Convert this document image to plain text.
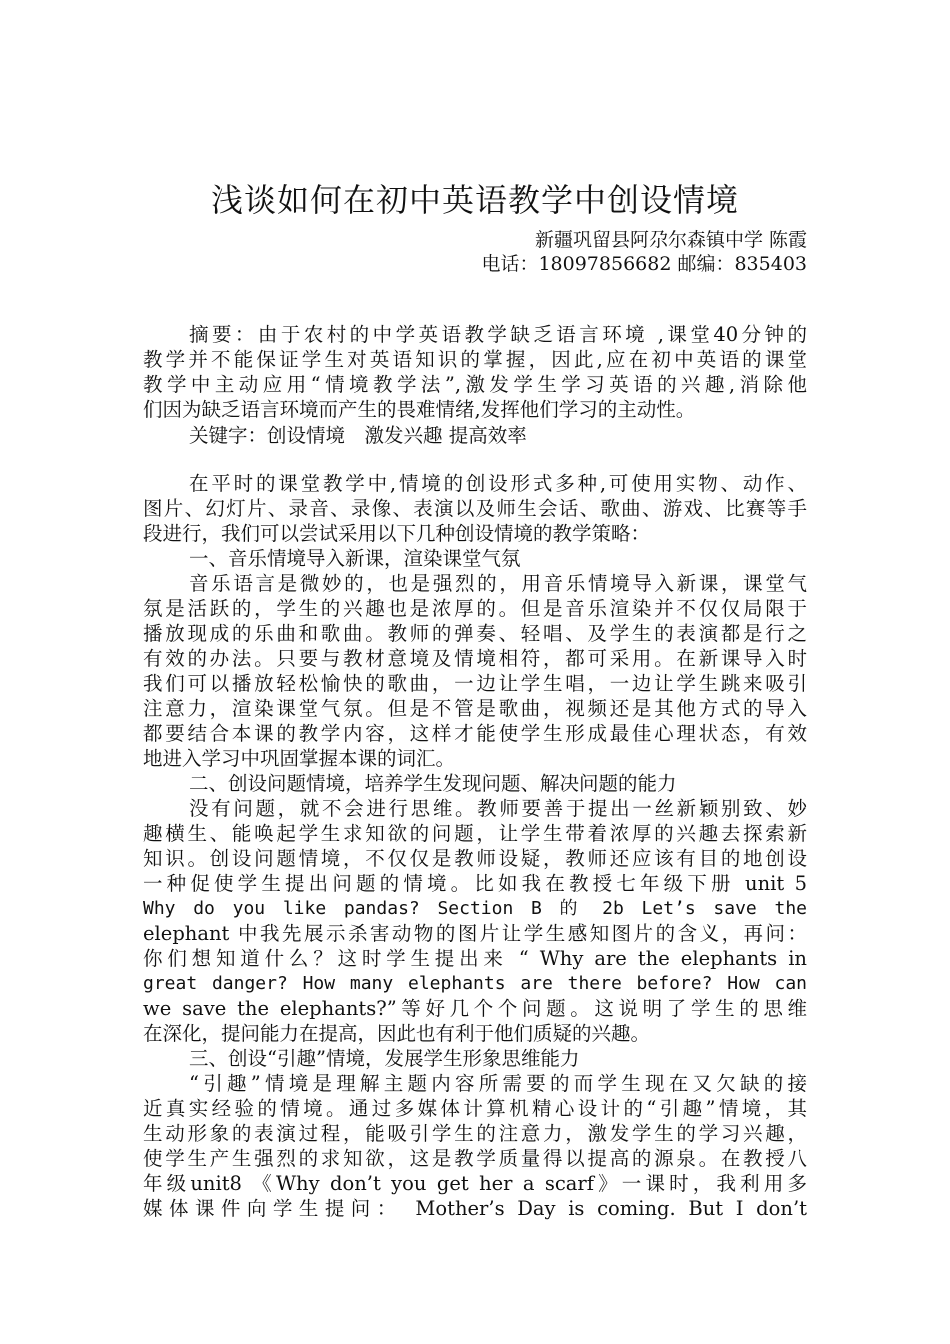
浅谈如何在初中英语教学中创设情境
新疆巩留县阿尕尔森镇中学 陈霞
电话：18097856682 邮编：835403
摘要：由于农村的中学英语教学缺乏语言环境 ,课堂40分钟的
教学并不能保证学生对英语知识的掌握，因此,应在初中英语的课堂
教学中主动应用“情境教学法”,激发学生学习英语的兴趣,消除他
们因为缺乏语言环境而产生的畏难情绪,发挥他们学习的主动性。
关键字：创设情境　激发兴趣 提高效率
在平时的课堂教学中,情境的创设形式多种,可使用实物、动作、
图片、幻灯片、录音、录像、表演以及师生会话、歌曲、游戏、比赛等手
段进行，我们可以尝试采用以下几种创设情境的教学策略：
一、音乐情境导入新课，渲染课堂气氛
音乐语言是微妙的，也是强烈的，用音乐情境导入新课，课堂气
氛是活跃的，学生的兴趣也是浓厚的。但是音乐渲染并不仅仅局限于
播放现成的乐曲和歌曲。教师的弹奏、轻唱、及学生的表演都是行之
有效的办法。只要与教材意境及情境相符，都可采用。在新课导入时
我们可以播放轻松愉快的歌曲，一边让学生唱，一边让学生跳来吸引
注意力，渲染课堂气氛。但是不管是歌曲，视频还是其他方式的导入
都要结合本课的教学内容，这样才能使学生形成最佳心理状态，有效
地进入学习中巩固掌握本课的词汇。
二、创设问题情境，培养学生发现问题、解决问题的能力
没有问题，就不会进行思维。教师要善于提出一丝新颖别致、妙
趣横生、能唤起学生求知欲的问题，让学生带着浓厚的兴趣去探索新
知识。创设问题情境，不仅仅是教师设疑，教师还应该有目的地创设
一种促使学生提出问题的情境。比如我在教授七年级下册 unit 5
Why do you like pandas? Section B 的 2b Let’s save the
elephant 中我先展示杀害动物的图片让学生感知图片的含义，再问：
你们想知道什么？这时学生提出来 “ Why are the elephants in
great danger? How many elephants are there before? How can
we save the elephants?”等好几个个问题。这说明了学生的思维
在深化，提问能力在提高，因此也有利于他们质疑的兴趣。
三、创设“引趣”情境，发展学生形象思维能力
“引趣”情境是理解主题内容所需要的而学生现在又欠缺的接
近真实经验的情境。通过多媒体计算机精心设计的“引趣”情境，其
生动形象的表演过程，能吸引学生的注意力，激发学生的学习兴趣，
使学生产生强烈的求知欲，这是教学质量得以提高的源泉。在教授八
年级unit8 《Why don’t you get her a scarf》一课时，我利用多
媒体课件向学生提问： Mother’s Day is coming. But I don’t
